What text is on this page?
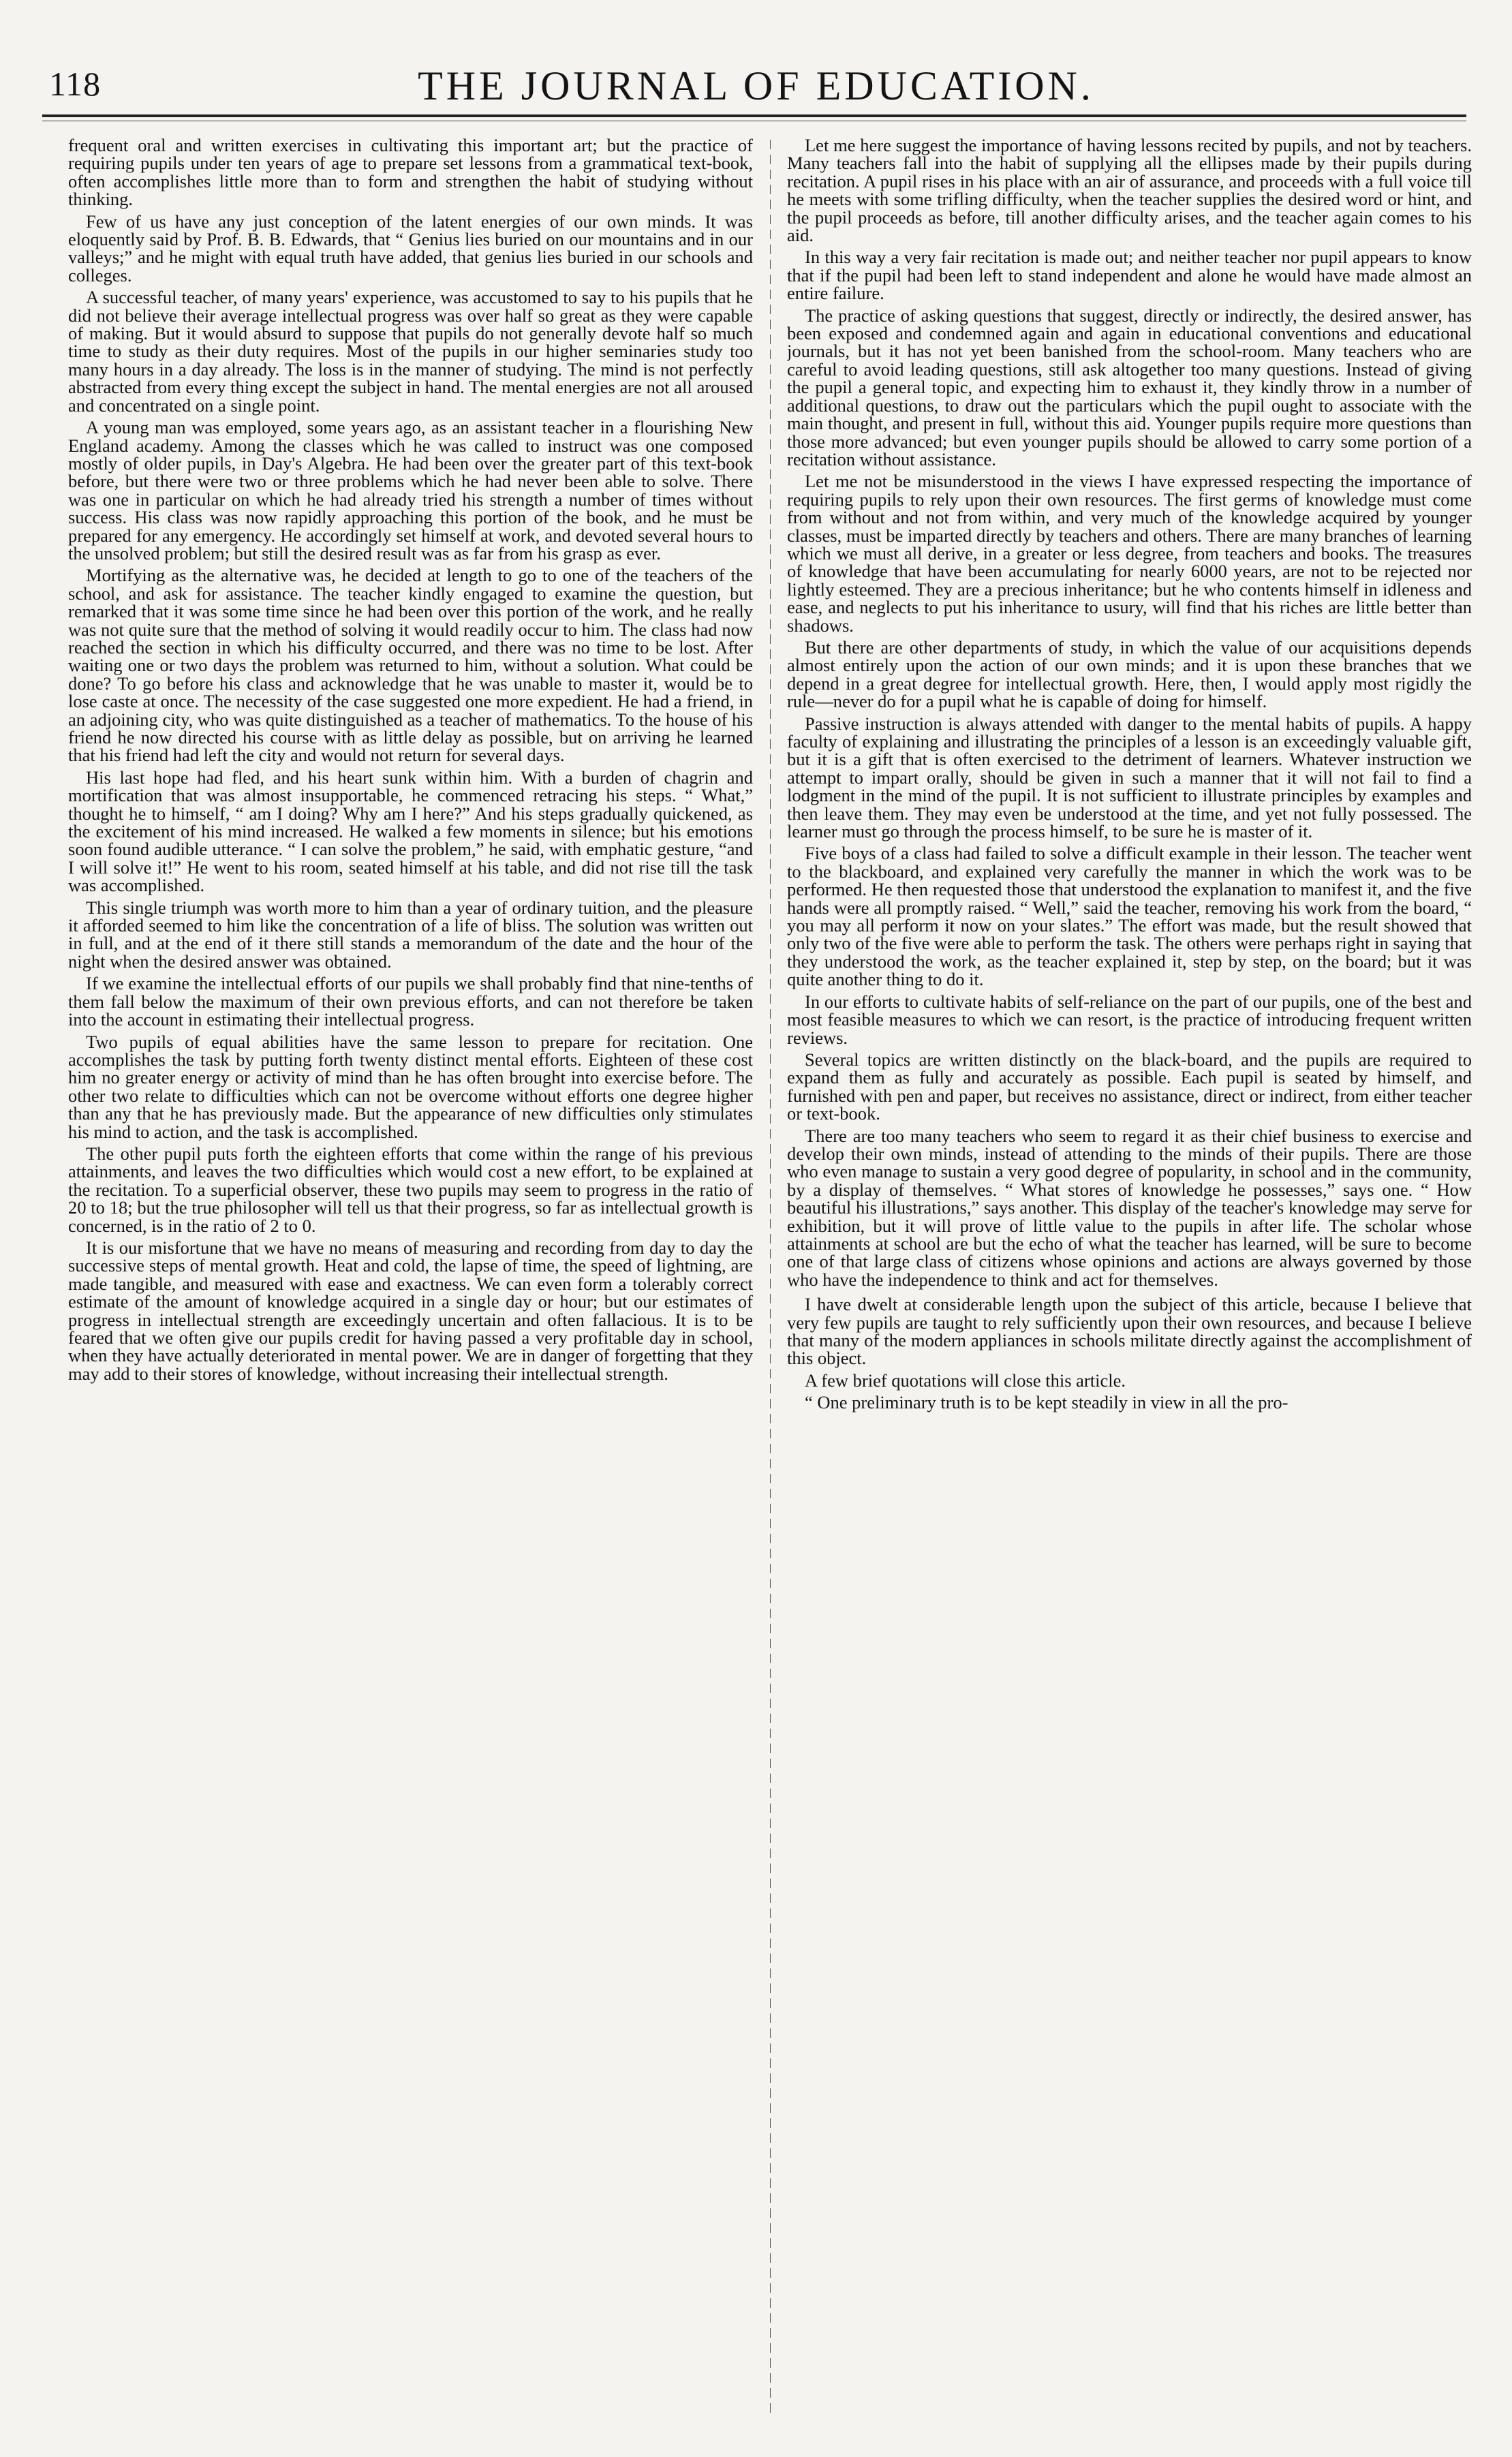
118	THE JOURNAL OF EDUCATION.

frequent oral and written exercises in cultivating this important art; but the practice of requiring pupils under ten years of age to prepare set lessons from a grammatical text-book, often accomplishes little more than to form and strengthen the habit of studying without thinking.

Few of us have any just conception of the latent energies of our own minds. It was eloquently said by Prof. B. B. Edwards, that “ Genius lies buried on our mountains and in our valleys;” and he might with equal truth have added, that genius lies buried in our schools and colleges.

A successful teacher, of many years' experience, was accustomed to say to his pupils that he did not believe their average intellectual progress was over half so great as they were capable of making. But it would absurd to suppose that pupils do not generally devote half so much time to study as their duty requires. Most of the pupils in our higher seminaries study too many hours in a day already. The loss is in the manner of studying. The mind is not perfectly abstracted from every thing except the subject in hand. The mental energies are not all aroused and concentrated on a single point.

A young man was employed, some years ago, as an assistant teacher in a flourishing New England academy. Among the classes which he was called to instruct was one composed mostly of older pupils, in Day's Algebra. He had been over the greater part of this text-book before, but there were two or three problems which he had never been able to solve. There was one in particular on which he had already tried his strength a number of times without success. His class was now rapidly approaching this portion of the book, and he must be prepared for any emergency. He accordingly set himself at work, and devoted several hours to the unsolved problem; but still the desired result was as far from his grasp as ever.

Mortifying as the alternative was, he decided at length to go to one of the teachers of the school, and ask for assistance. The teacher kindly engaged to examine the question, but remarked that it was some time since he had been over this portion of the work, and he really was not quite sure that the method of solving it would readily occur to him. The class had now reached the section in which his difficulty occurred, and there was no time to be lost. After waiting one or two days the problem was returned to him, without a solution. What could be done? To go before his class and acknowledge that he was unable to master it, would be to lose caste at once. The necessity of the case suggested one more expedient. He had a friend, in an adjoining city, who was quite distinguished as a teacher of mathematics. To the house of his friend he now directed his course with as little delay as possible, but on arriving he learned that his friend had left the city and would not return for several days.

His last hope had fled, and his heart sunk within him. With a burden of chagrin and mortification that was almost insupportable, he commenced retracing his steps. “ What,” thought he to himself, “ am I doing? Why am I here?” And his steps gradually quickened, as the excitement of his mind increased. He walked a few moments in silence; but his emotions soon found audible utterance. “ I can solve the problem,” he said, with emphatic gesture, “and I will solve it!” He went to his room, seated himself at his table, and did not rise till the task was accomplished.

This single triumph was worth more to him than a year of ordinary tuition, and the pleasure it afforded seemed to him like the concentration of a life of bliss. The solution was written out in full, and at the end of it there still stands a memorandum of the date and the hour of the night when the desired answer was obtained.

If we examine the intellectual efforts of our pupils we shall probably find that nine-tenths of them fall below the maximum of their own previous efforts, and can not therefore be taken into the account in estimating their intellectual progress.

Two pupils of equal abilities have the same lesson to prepare for recitation. One accomplishes the task by putting forth twenty distinct mental efforts. Eighteen of these cost him no greater energy or activity of mind than he has often brought into exercise before. The other two relate to difficulties which can not be overcome without efforts one degree higher than any that he has previously made. But the appearance of new difficulties only stimulates his mind to action, and the task is accomplished.

The other pupil puts forth the eighteen efforts that come within the range of his previous attainments, and leaves the two difficulties which would cost a new effort, to be explained at the recitation. To a superficial observer, these two pupils may seem to progress in the ratio of 20 to 18; but the true philosopher will tell us that their progress, so far as intellectual growth is concerned, is in the ratio of 2 to 0.

It is our misfortune that we have no means of measuring and recording from day to day the successive steps of mental growth. Heat and cold, the lapse of time, the speed of lightning, are made tangible, and measured with ease and exactness. We can even form a tolerably correct estimate of the amount of knowledge acquired in a single day or hour; but our estimates of progress in intellectual strength are exceedingly uncertain and often fallacious. It is to be feared that we often give our pupils credit for having passed a very profitable day in school, when they have actually deteriorated in mental power. We are in danger of forgetting that they may add to their stores of knowledge, without increasing their intellectual strength.

Let me here suggest the importance of having lessons recited by pupils, and not by teachers. Many teachers fall into the habit of supplying all the ellipses made by their pupils during recitation. A pupil rises in his place with an air of assurance, and proceeds with a full voice till he meets with some trifling difficulty, when the teacher supplies the desired word or hint, and the pupil proceeds as before, till another difficulty arises, and the teacher again comes to his aid.

In this way a very fair recitation is made out; and neither teacher nor pupil appears to know that if the pupil had been left to stand independent and alone he would have made almost an entire failure.

The practice of asking questions that suggest, directly or indirectly, the desired answer, has been exposed and condemned again and again in educational conventions and educational journals, but it has not yet been banished from the school-room. Many teachers who are careful to avoid leading questions, still ask altogether too many questions. Instead of giving the pupil a general topic, and expecting him to exhaust it, they kindly throw in a number of additional questions, to draw out the particulars which the pupil ought to associate with the main thought, and present in full, without this aid. Younger pupils require more questions than those more advanced; but even younger pupils should be allowed to carry some portion of a recitation without assistance.

Let me not be misunderstood in the views I have expressed respecting the importance of requiring pupils to rely upon their own resources. The first germs of knowledge must come from without and not from within, and very much of the knowledge acquired by younger classes, must be imparted directly by teachers and others. There are many branches of learning which we must all derive, in a greater or less degree, from teachers and books. The treasures of knowledge that have been accumulating for nearly 6000 years, are not to be rejected nor lightly esteemed. They are a precious inheritance; but he who contents himself in idleness and ease, and neglects to put his inheritance to usury, will find that his riches are little better than shadows.

But there are other departments of study, in which the value of our acquisitions depends almost entirely upon the action of our own minds; and it is upon these branches that we depend in a great degree for intellectual growth. Here, then, I would apply most rigidly the rule—never do for a pupil what he is capable of doing for himself.

Passive instruction is always attended with danger to the mental habits of pupils. A happy faculty of explaining and illustrating the principles of a lesson is an exceedingly valuable gift, but it is a gift that is often exercised to the detriment of learners. Whatever instruction we attempt to impart orally, should be given in such a manner that it will not fail to find a lodgment in the mind of the pupil. It is not sufficient to illustrate principles by examples and then leave them. They may even be understood at the time, and yet not fully possessed. The learner must go through the process himself, to be sure he is master of it.

Five boys of a class had failed to solve a difficult example in their lesson. The teacher went to the blackboard, and explained very carefully the manner in which the work was to be performed. He then requested those that understood the explanation to manifest it, and the five hands were all promptly raised. “ Well,” said the teacher, removing his work from the board, “ you may all perform it now on your slates.” The effort was made, but the result showed that only two of the five were able to perform the task. The others were perhaps right in saying that they understood the work, as the teacher explained it, step by step, on the board; but it was quite another thing to do it.

In our efforts to cultivate habits of self-reliance on the part of our pupils, one of the best and most feasible measures to which we can resort, is the practice of introducing frequent written reviews.

Several topics are written distinctly on the black-board, and the pupils are required to expand them as fully and accurately as possible. Each pupil is seated by himself, and furnished with pen and paper, but receives no assistance, direct or indirect, from either teacher or text-book.

There are too many teachers who seem to regard it as their chief business to exercise and develop their own minds, instead of attending to the minds of their pupils. There are those who even manage to sustain a very good degree of popularity, in school and in the community, by a display of themselves. “ What stores of knowledge he possesses,” says one. “ How beautiful his illustrations,” says another. This display of the teacher's knowledge may serve for exhibition, but it will prove of little value to the pupils in after life. The scholar whose attainments at school are but the echo of what the teacher has learned, will be sure to become one of that large class of citizens whose opinions and actions are always governed by those who have the independence to think and act for themselves.

I have dwelt at considerable length upon the subject of this article, because I believe that very few pupils are taught to rely sufficiently upon their own resources, and because I believe that many of the modern appliances in schools militate directly against the accomplishment of this object.

A few brief quotations will close this article.

“ One preliminary truth is to be kept steadily in view in all the pro-
